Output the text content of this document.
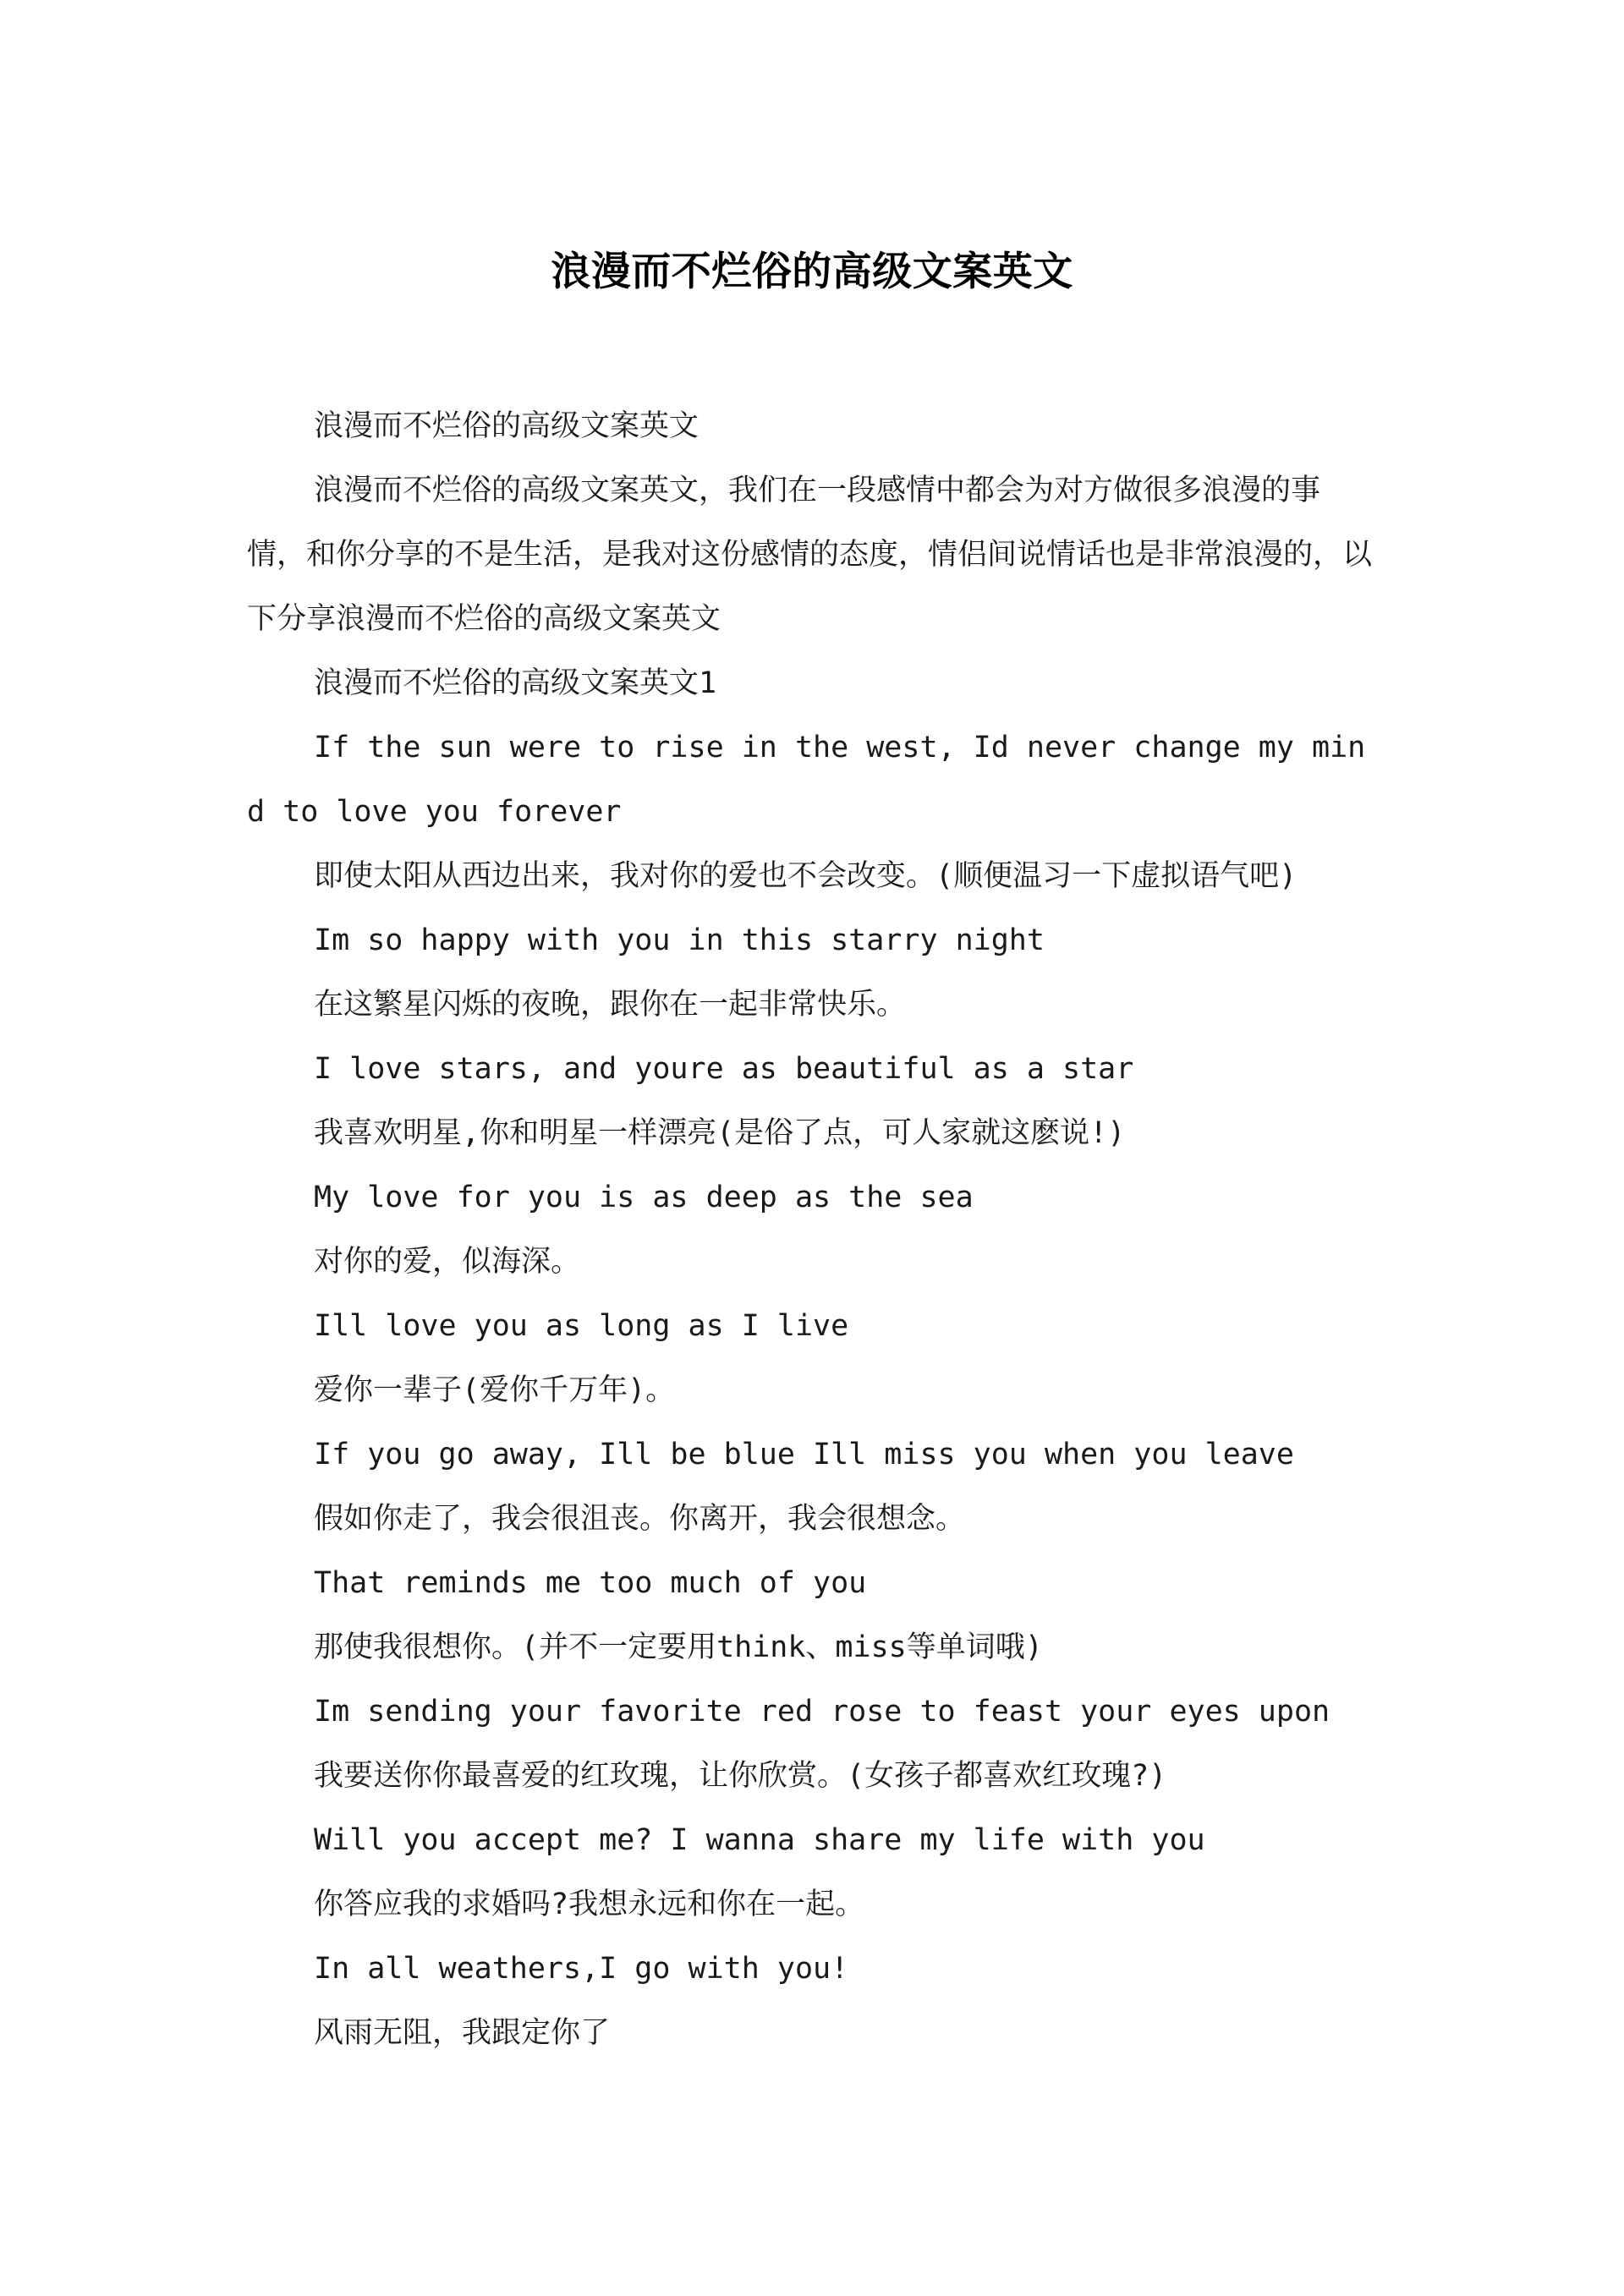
浪漫而不烂俗的高级文案英文

浪漫而不烂俗的高级文案英文

浪漫而不烂俗的高级文案英文，我们在一段感情中都会为对方做很多浪漫的事情，和你分享的不是生活，是我对这份感情的态度，情侣间说情话也是非常浪漫的，以下分享浪漫而不烂俗的高级文案英文

浪漫而不烂俗的高级文案英文1

If the sun were to rise in the west, Id never change my mind to love you forever

即使太阳从西边出来，我对你的爱也不会改变。(顺便温习一下虚拟语气吧)

Im so happy with you in this starry night

在这繁星闪烁的夜晚，跟你在一起非常快乐。

I love stars, and youre as beautiful as a star

我喜欢明星,你和明星一样漂亮(是俗了点，可人家就这麽说!)

My love for you is as deep as the sea

对你的爱，似海深。

Ill love you as long as I live

爱你一辈子(爱你千万年)。

If you go away, Ill be blue Ill miss you when you leave

假如你走了，我会很沮丧。你离开，我会很想念。

That reminds me too much of you

那使我很想你。(并不一定要用think、miss等单词哦)

Im sending your favorite red rose to feast your eyes upon

我要送你你最喜爱的红玫瑰，让你欣赏。(女孩子都喜欢红玫瑰?)

Will you accept me? I wanna share my life with you

你答应我的求婚吗?我想永远和你在一起。

In all weathers,I go with you!

风雨无阻，我跟定你了
